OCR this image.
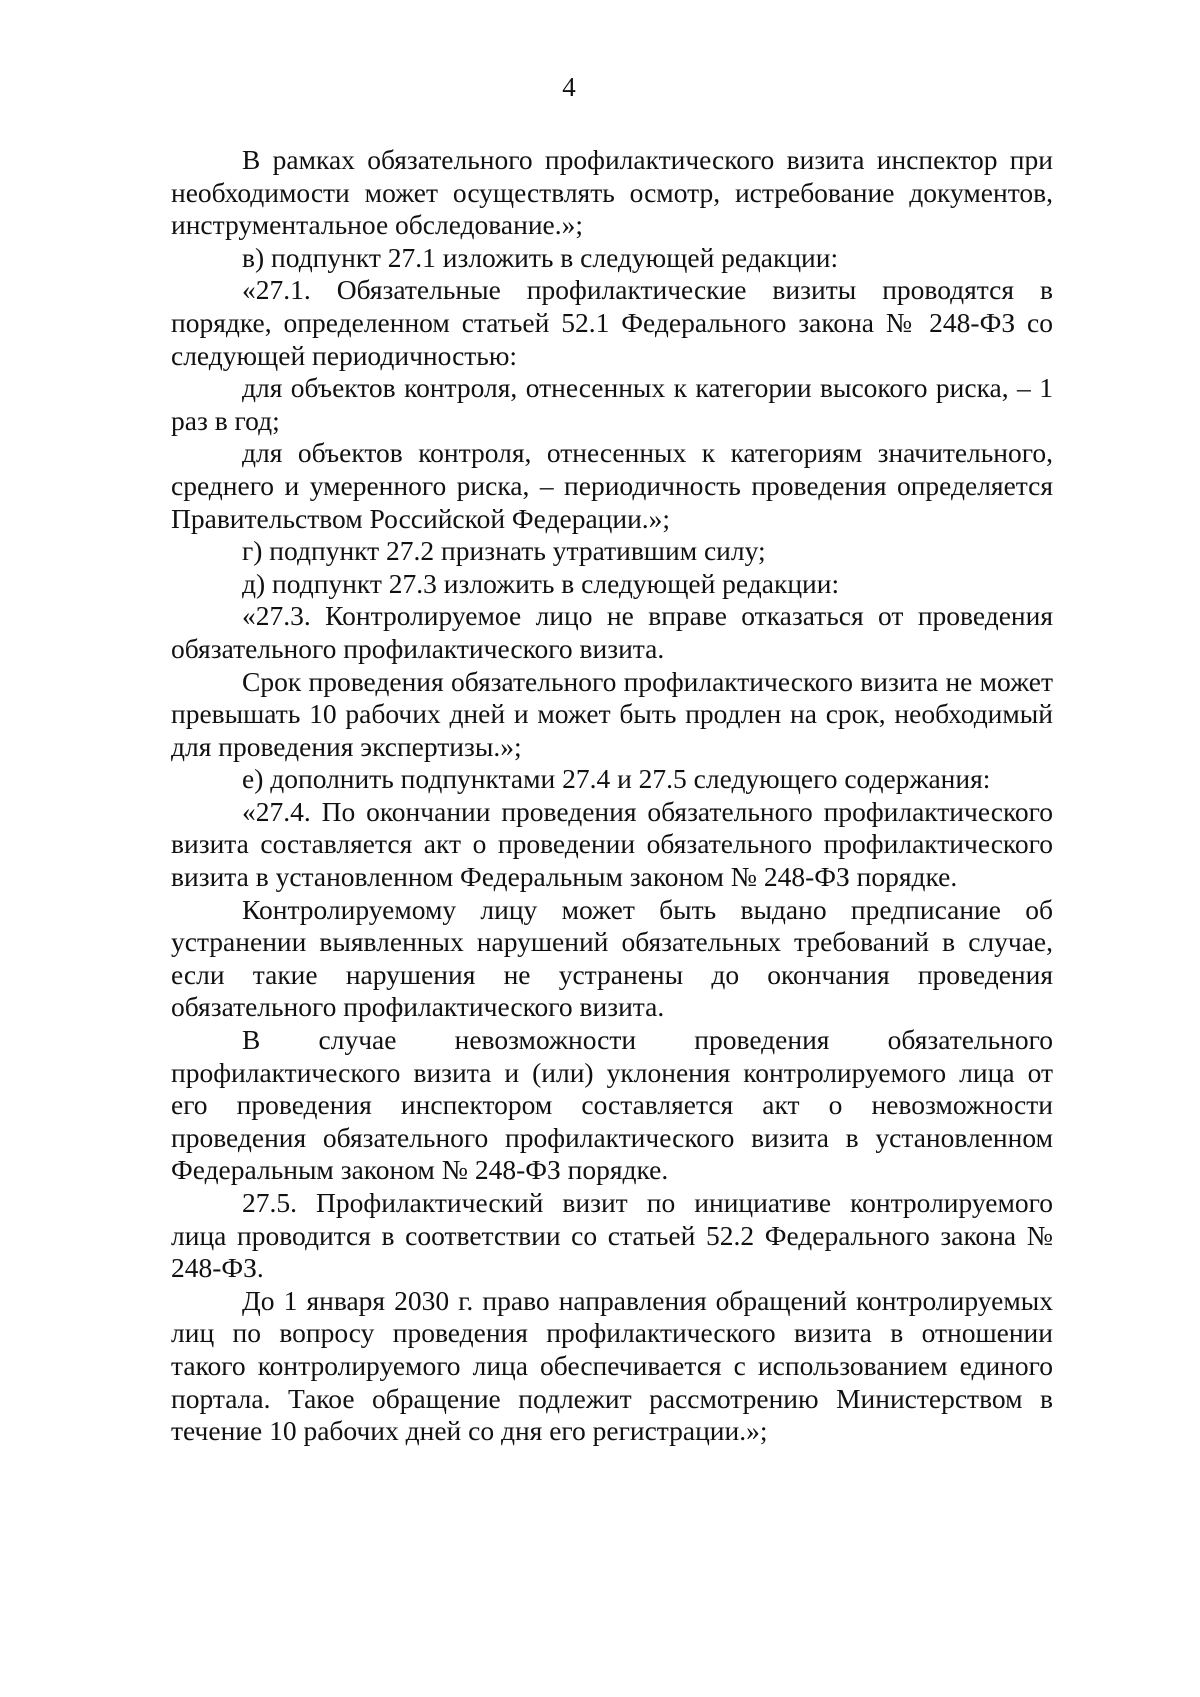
4

В рамках обязательного профилактического визита инспектор при необходимости может осуществлять осмотр, истребование документов, инструментальное обследование.»;

в) подпункт 27.1 изложить в следующей редакции:

«27.1. Обязательные профилактические визиты проводятся в порядке, определенном статьей 52.1 Федерального закона № 248-ФЗ со следующей периодичностью:

для объектов контроля, отнесенных к категории высокого риска, – 1 раз в год;

для объектов контроля, отнесенных к категориям значительного, среднего и умеренного риска, – периодичность проведения определяется Правительством Российской Федерации.»;

г) подпункт 27.2 признать утратившим силу;

д) подпункт 27.3 изложить в следующей редакции:

«27.3. Контролируемое лицо не вправе отказаться от проведения обязательного профилактического визита.

Срок проведения обязательного профилактического визита не может превышать 10 рабочих дней и может быть продлен на срок, необходимый для проведения экспертизы.»;

е) дополнить подпунктами 27.4 и 27.5 следующего содержания:

«27.4. По окончании проведения обязательного профилактического визита составляется акт о проведении обязательного профилактического визита в установленном Федеральным законом № 248-ФЗ порядке.

Контролируемому лицу может быть выдано предписание об устранении выявленных нарушений обязательных требований в случае, если такие нарушения не устранены до окончания проведения обязательного профилактического визита.

В случае невозможности проведения обязательного профилактического визита и (или) уклонения контролируемого лица от его проведения инспектором составляется акт о невозможности проведения обязательного профилактического визита в установленном Федеральным законом № 248-ФЗ порядке.

27.5. Профилактический визит по инициативе контролируемого лица проводится в соответствии со статьей 52.2 Федерального закона № 248-ФЗ.

До 1 января 2030 г. право направления обращений контролируемых лиц по вопросу проведения профилактического визита в отношении такого контролируемого лица обеспечивается с использованием единого портала. Такое обращение подлежит рассмотрению Министерством в течение 10 рабочих дней со дня его регистрации.»;
